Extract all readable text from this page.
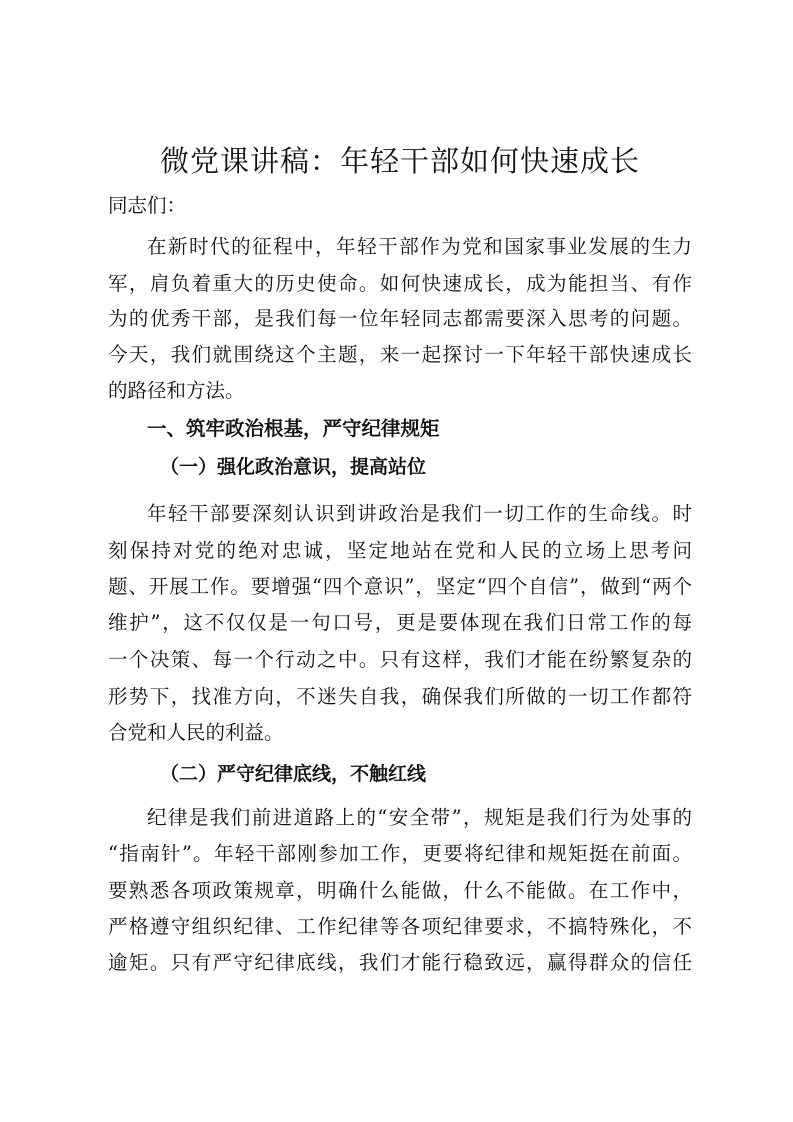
微党课讲稿：年轻干部如何快速成长
同志们：
在新时代的征程中，年轻干部作为党和国家事业发展的生力
军，肩负着重大的历史使命。如何快速成长，成为能担当、有作
为的优秀干部，是我们每一位年轻同志都需要深入思考的问题。
今天，我们就围绕这个主题，来一起探讨一下年轻干部快速成长
的路径和方法。
一、筑牢政治根基，严守纪律规矩
（一）强化政治意识，提高站位
年轻干部要深刻认识到讲政治是我们一切工作的生命线。时
刻保持对党的绝对忠诚，坚定地站在党和人民的立场上思考问
题、开展工作。要增强“四个意识”，坚定“四个自信”，做到“两个
维护”，这不仅仅是一句口号，更是要体现在我们日常工作的每
一个决策、每一个行动之中。只有这样，我们才能在纷繁复杂的
形势下，找准方向，不迷失自我，确保我们所做的一切工作都符
合党和人民的利益。
（二）严守纪律底线，不触红线
纪律是我们前进道路上的“安全带”，规矩是我们行为处事的
“指南针”。年轻干部刚参加工作，更要将纪律和规矩挺在前面。
要熟悉各项政策规章，明确什么能做，什么不能做。在工作中，
严格遵守组织纪律、工作纪律等各项纪律要求，不搞特殊化，不
逾矩。只有严守纪律底线，我们才能行稳致远，赢得群众的信任
